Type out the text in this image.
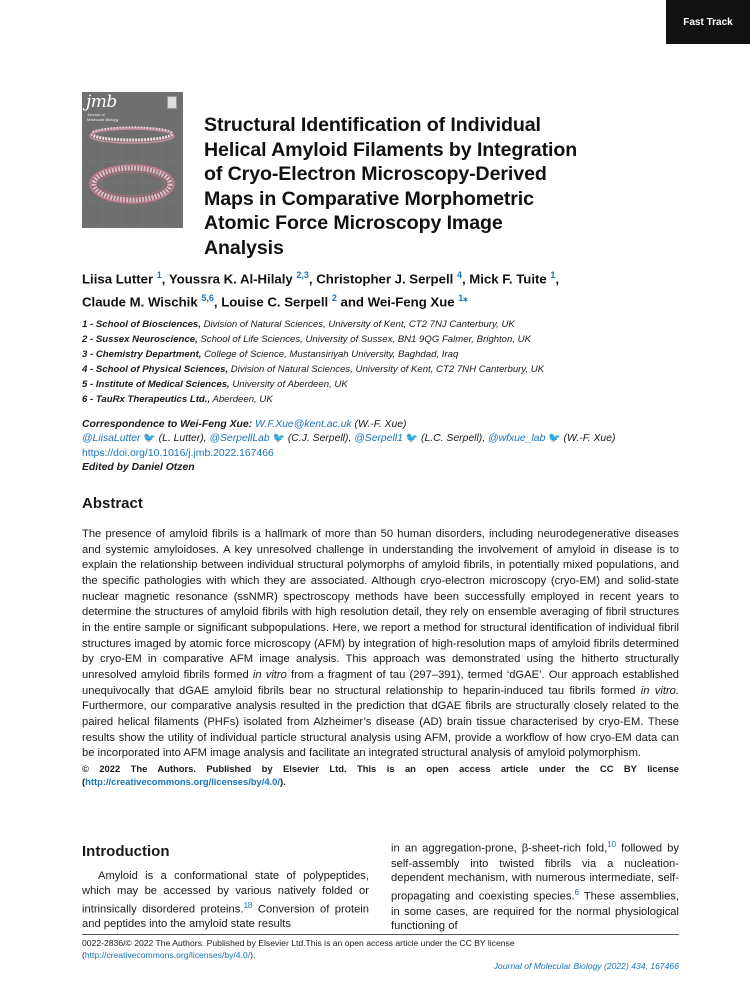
Fast Track
jmb
Journal of
Molecular Biology	Structural Identification of Individual
Helical Amyloid Filaments by Integration
of Cryo-Electron Microscopy-Derived
Maps in Comparative Morphometric
Atomic Force Microscopy Image
Analysis
Liisa Lutter $^1$, Youssra K. Al-Hilaly $^{2,3}$, Christopher J. Serpell $^4$, Mick F. Tuite $^1$,
Claude M. Wischik $^{5,6}$, Louise C. Serpell $^2$ and Wei-Feng Xue $^{1⁎}$
1 - School of Biosciences, Division of Natural Sciences, University of Kent, CT2 7NJ Canterbury, UK
2 - Sussex Neuroscience, School of Life Sciences, University of Sussex, BN1 9QG Falmer, Brighton, UK
3 - Chemistry Department, College of Science, Mustansiriyah University, Baghdad, Iraq
4 - School of Physical Sciences, Division of Natural Sciences, University of Kent, CT2 7NH Canterbury, UK
5 - Institute of Medical Sciences, University of Aberdeen, UK
6 - TauRx Therapeutics Ltd., Aberdeen, UK
Correspondence to Wei-Feng Xue: W.F.Xue@kent.ac.uk (W.-F. Xue)
@LiisaLutter 🐦 (L. Lutter), @SerpellLab 🐦 (C.J. Serpell), @Serpell1 🐦 (L.C. Serpell), @wfxue_lab 🐦 (W.-F. Xue)
https://doi.org/10.1016/j.jmb.2022.167466
Edited by Daniel Otzen
Abstract
The presence of amyloid fibrils is a hallmark of more than 50 human disorders, including neurodegenerative diseases and systemic amyloidoses. A key unresolved challenge in understanding the involvement of amyloid in disease is to explain the relationship between individual structural polymorphs of amyloid fibrils, in potentially mixed populations, and the specific pathologies with which they are associated. Although cryo-electron microscopy (cryo-EM) and solid-state nuclear magnetic resonance (ssNMR) spectroscopy methods have been successfully employed in recent years to determine the structures of amyloid fibrils with high resolution detail, they rely on ensemble averaging of fibril structures in the entire sample or significant subpopulations. Here, we report a method for structural identification of individual fibril structures imaged by atomic force microscopy (AFM) by integration of high-resolution maps of amyloid fibrils determined by cryo-EM in comparative AFM image analysis. This approach was demonstrated using the hitherto structurally unresolved amyloid fibrils formed in vitro from a fragment of tau (297–391), termed ‘dGAE’. Our approach established unequivocally that dGAE amyloid fibrils bear no structural relationship to heparin-induced tau fibrils formed in vitro. Furthermore, our comparative analysis resulted in the prediction that dGAE fibrils are structurally closely related to the paired helical filaments (PHFs) isolated from Alzheimer’s disease (AD) brain tissue characterised by cryo-EM. These results show the utility of individual particle structural analysis using AFM, provide a workflow of how cryo-EM data can be incorporated into AFM image analysis and facilitate an integrated structural analysis of amyloid polymorphism.
© 2022 The Authors. Published by Elsevier Ltd. This is an open access article under the CC BY license (http://creativecommons.org/licenses/by/4.0/).
Introduction
Amyloid is a conformational state of polypeptides, which may be accessed by various natively folded or intrinsically disordered proteins.$^{18}$ Conversion of protein and peptides into the amyloid state results
in an aggregation-prone, β-sheet-rich fold,$^{10}$ followed by self-assembly into twisted fibrils via a nucleation-dependent mechanism, with numerous intermediate, self-propagating and coexisting species.$^6$ These assemblies, in some cases, are required for the normal physiological functioning of
0022-2836/© 2022 The Authors. Published by Elsevier Ltd.This is an open access article under the CC BY license (http://creativecommons.org/licenses/by/4.0/).
Journal of Molecular Biology (2022) 434, 167466
